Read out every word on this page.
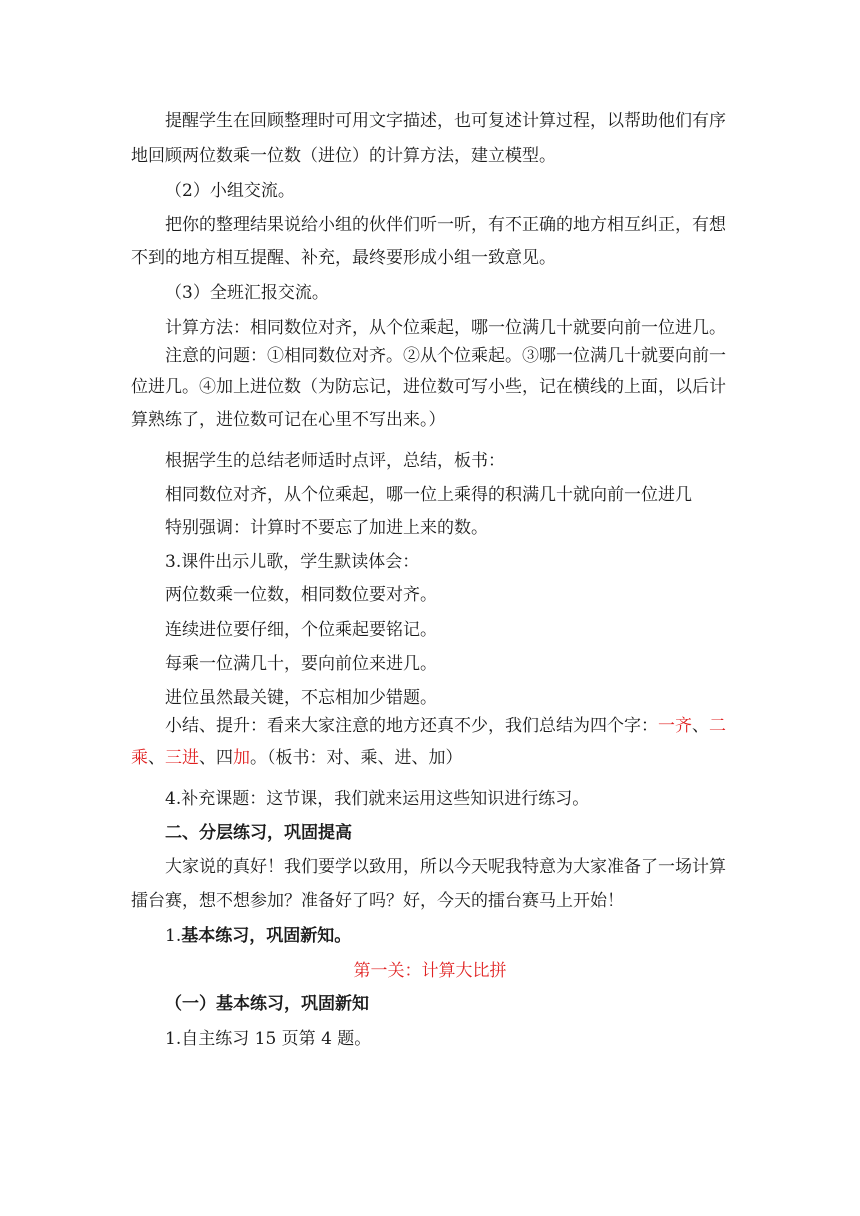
提醒学生在回顾整理时可用文字描述，也可复述计算过程，以帮助他们有序
地回顾两位数乘一位数（进位）的计算方法，建立模型。
（2）小组交流。
把你的整理结果说给小组的伙伴们听一听，有不正确的地方相互纠正，有想
不到的地方相互提醒、补充，最终要形成小组一致意见。
（3）全班汇报交流。
计算方法：相同数位对齐，从个位乘起，哪一位满几十就要向前一位进几。
注意的问题：①相同数位对齐。②从个位乘起。③哪一位满几十就要向前一
位进几。④加上进位数（为防忘记，进位数可写小些，记在横线的上面，以后计
算熟练了，进位数可记在心里不写出来。）
根据学生的总结老师适时点评，总结，板书：
相同数位对齐，从个位乘起，哪一位上乘得的积满几十就向前一位进几
特别强调：计算时不要忘了加进上来的数。
3.课件出示儿歌，学生默读体会：
两位数乘一位数，相同数位要对齐。
连续进位要仔细，个位乘起要铭记。
每乘一位满几十，要向前位来进几。
进位虽然最关键，不忘相加少错题。
小结、提升：看来大家注意的地方还真不少，我们总结为四个字：一齐、二
乘、三进、四加。（板书：对、乘、进、加）
4.补充课题：这节课，我们就来运用这些知识进行练习。
二、分层练习，巩固提高
大家说的真好！我们要学以致用，所以今天呢我特意为大家准备了一场计算
擂台赛，想不想参加？准备好了吗？好，今天的擂台赛马上开始！
1.基本练习，巩固新知。
第一关：计算大比拼
（一）基本练习，巩固新知
1.自主练习 15 页第 4 题。
